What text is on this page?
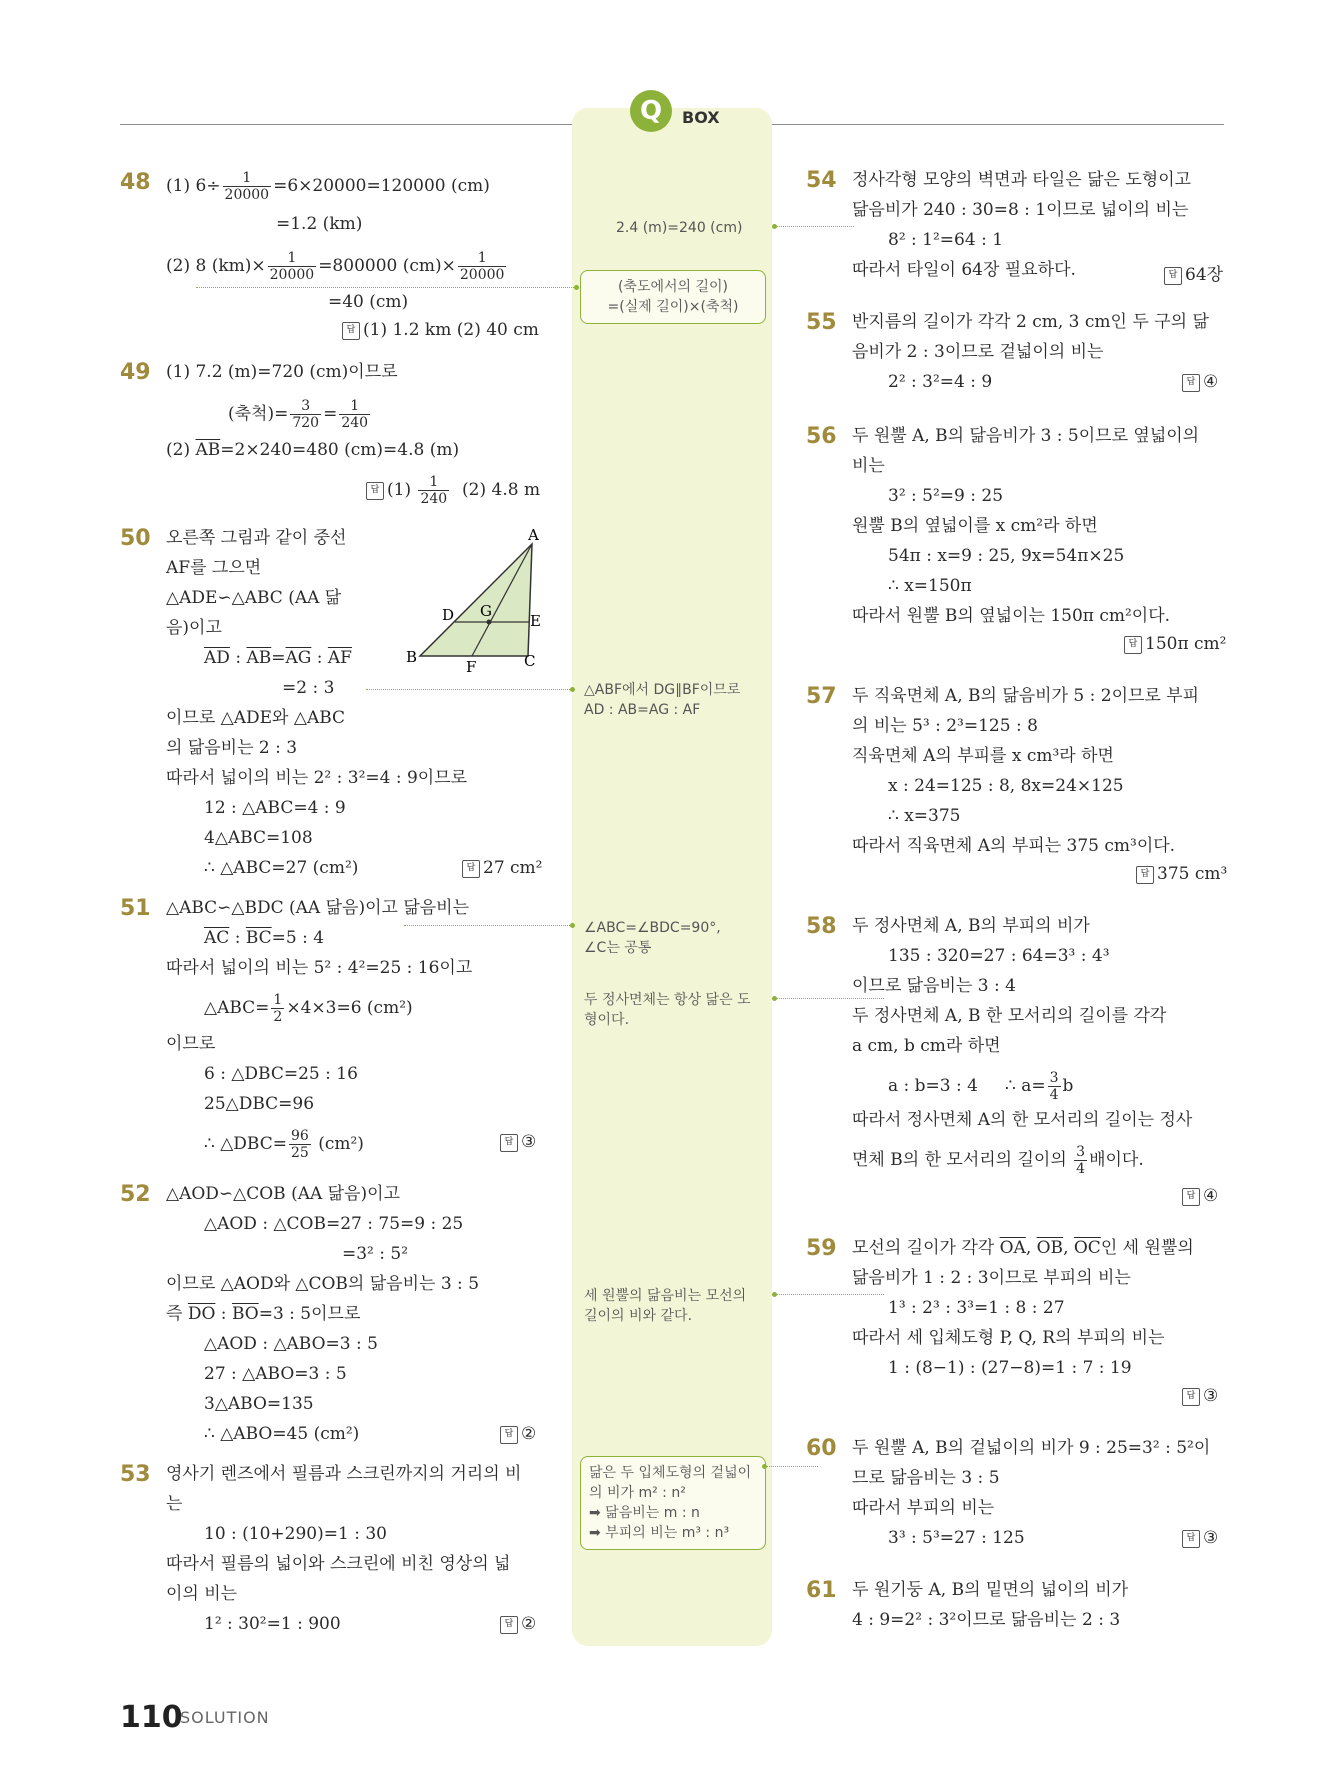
Q	BOX
48 (1) $6\div \frac{1}{20000} =6\times 20000=120000$ (cm)
=1.2 (km)
(2) 8 $(km)\times \frac{1}{20000} =800000$ $(cm)\times \frac{1}{20000}$
=40 (cm)
답 (1) 1.2 km (2) 40 cm
49 (1) 7.2 (m)=720 (cm)이므로
(축척)= $\frac{3}{720} = \frac{1}{240}$
(2) $\overline{AB}=2\times 240=480$ (cm)=4.8 (m)
답 $(1) \frac{1}{240} (2)$ 4.8 m
50 오른쪽 그림과 같이 중선
AF를 그으면
△ADE∽△ABC (AA 닮
음)이고
$\overline{AD}$ : $\overline{AB}=\overline{AG}$ : $\overline{AF}$
=2 : 3
이므로 △ADE와 △ABC
의 닮음비는 2 : 3
따라서 넓이의 비는 2² : 3²=4 : 9이므로
12 : △ABC=4 : 9
4△ABC=108
∴ △ABC=27 (cm²)	답 27 cm²
A
B	C
D	E
F
G
51 △ABC∽△BDC (AA 닮음)이고 닮음비는
$\overline{AC}$ : $\overline{BC}=5$ : 4
따라서 넓이의 비는 5² : 4²=25 : 16이고
△ABC= $\frac{1}{2} \times 4\times 3=6$ (cm²)
이므로
6 : △DBC=25 : 16
25△DBC=96
∴ △DBC= $\frac{96}{25} (cm^2)$	답 ③
52 △AOD∽△COB (AA 닮음)이고
△AOD : △COB=27 : 75=9 : 25
=3² : 5²
이므로 △AOD와 △COB의 닮음비는 3 : 5
즉 $\overline{DO}$ : $\overline{BO}=3$ : 5이므로
△AOD : △ABO=3 : 5
27 : △ABO=3 : 5
3△ABO=135
∴ △ABO=45 (cm²)	답 ②
53 영사기 렌즈에서 필름과 스크린까지의 거리의 비
는
10 : (10+290)=1 : 30
따라서 필름의 넓이와 스크린에 비친 영상의 넓
이의 비는
1² : 30²=1 : 900	답 ②
2.4 (m)=240 (cm)
(축도에서의 길이)
=(실제 길이)×(축척)
△ABF에서 DG∥BF이므로
AD : AB=AG : AF
∠ABC=∠BDC=90°,
∠C는 공통
두 정사면체는 항상 닮은 도
형이다.
세 원뿔의 닮음비는 모선의
길이의 비와 같다.
닮은 두 입체도형의 겉넓이
의 비가 m² : n²
➡ 닮음비는 m : n
➡ 부피의 비는 m³ : n³
54 정사각형 모양의 벽면과 타일은 닮은 도형이고
닮음비가 240 : 30=8 : 1이므로 넓이의 비는
8² : 1²=64 : 1
따라서 타일이 64장 필요하다.	답 64장
55 반지름의 길이가 각각 2 cm, 3 cm인 두 구의 닮
음비가 2 : 3이므로 겉넓이의 비는
2² : 3²=4 : 9	답 ④
56 두 원뿔 A, B의 닮음비가 3 : 5이므로 옆넓이의
비는
3² : 5²=9 : 25
원뿔 B의 옆넓이를 x cm²라 하면
54π : x=9 : 25, 9x=54π×25
∴ x=150π
따라서 원뿔 B의 옆넓이는 150π cm²이다.
답 150π cm²
57 두 직육면체 A, B의 닮음비가 5 : 2이므로 부피
의 비는 5³ : 2³=125 : 8
직육면체 A의 부피를 x cm³라 하면
x : 24=125 : 8, 8x=24×125
∴ x=375
따라서 직육면체 A의 부피는 375 cm³이다.
답 375 cm³
58 두 정사면체 A, B의 부피의 비가
135 : 320=27 : 64=3³ : 4³
이므로 닮음비는 3 : 4
두 정사면체 A, B 한 모서리의 길이를 각각
a cm, b cm라 하면
a : b=3 : 4     ∴ $a= \frac{3}{4}$ b
따라서 정사면체 A의 한 모서리의 길이는 정사
면체 B의 한 모서리의 길이의 $\frac{3}{4}$ 배이다.
답 ④
59 모선의 길이가 각각 $\overline{OA}$, $\overline{OB}$, $\overline{OC}$인 세 원뿔의
닮음비가 1 : 2 : 3이므로 부피의 비는
1³ : 2³ : 3³=1 : 8 : 27
따라서 세 입체도형 P, Q, R의 부피의 비는
1 : (8−1) : (27−8)=1 : 7 : 19
답 ③
60 두 원뿔 A, B의 겉넓이의 비가 9 : 25=3² : 5²이
므로 닮음비는 3 : 5
따라서 부피의 비는
3³ : 5³=27 : 125	답 ③
61 두 원기둥 A, B의 밑면의 넓이의 비가
4 : 9=2² : 3²이므로 닮음비는 2 : 3
110
SOLUTION
